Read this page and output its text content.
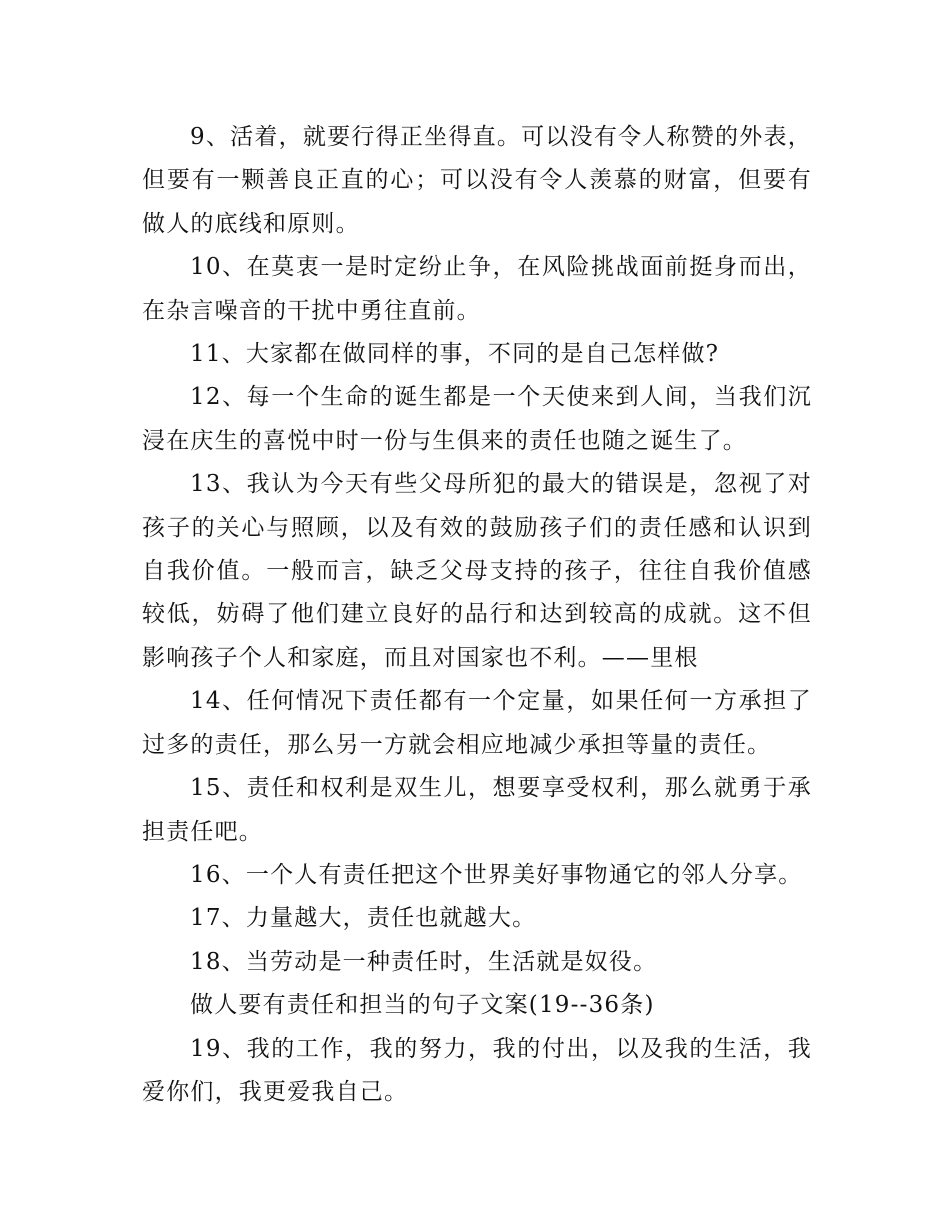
9、活着，就要行得正坐得直。可以没有令人称赞的外表，但要有一颗善良正直的心；可以没有令人羡慕的财富，但要有做人的底线和原则。

10、在莫衷一是时定纷止争，在风险挑战面前挺身而出，在杂言噪音的干扰中勇往直前。

11、大家都在做同样的事，不同的是自己怎样做?

12、每一个生命的诞生都是一个天使来到人间，当我们沉浸在庆生的喜悦中时一份与生俱来的责任也随之诞生了。

13、我认为今天有些父母所犯的最大的错误是，忽视了对孩子的关心与照顾，以及有效的鼓励孩子们的责任感和认识到自我价值。一般而言，缺乏父母支持的孩子，往往自我价值感较低，妨碍了他们建立良好的品行和达到较高的成就。这不但影响孩子个人和家庭，而且对国家也不利。——里根

14、任何情况下责任都有一个定量，如果任何一方承担了过多的责任，那么另一方就会相应地减少承担等量的责任。

15、责任和权利是双生儿，想要享受权利，那么就勇于承担责任吧。

16、一个人有责任把这个世界美好事物通它的邻人分享。

17、力量越大，责任也就越大。

18、当劳动是一种责任时，生活就是奴役。

做人要有责任和担当的句子文案(19--36条)

19、我的工作，我的努力，我的付出，以及我的生活，我爱你们，我更爱我自己。
